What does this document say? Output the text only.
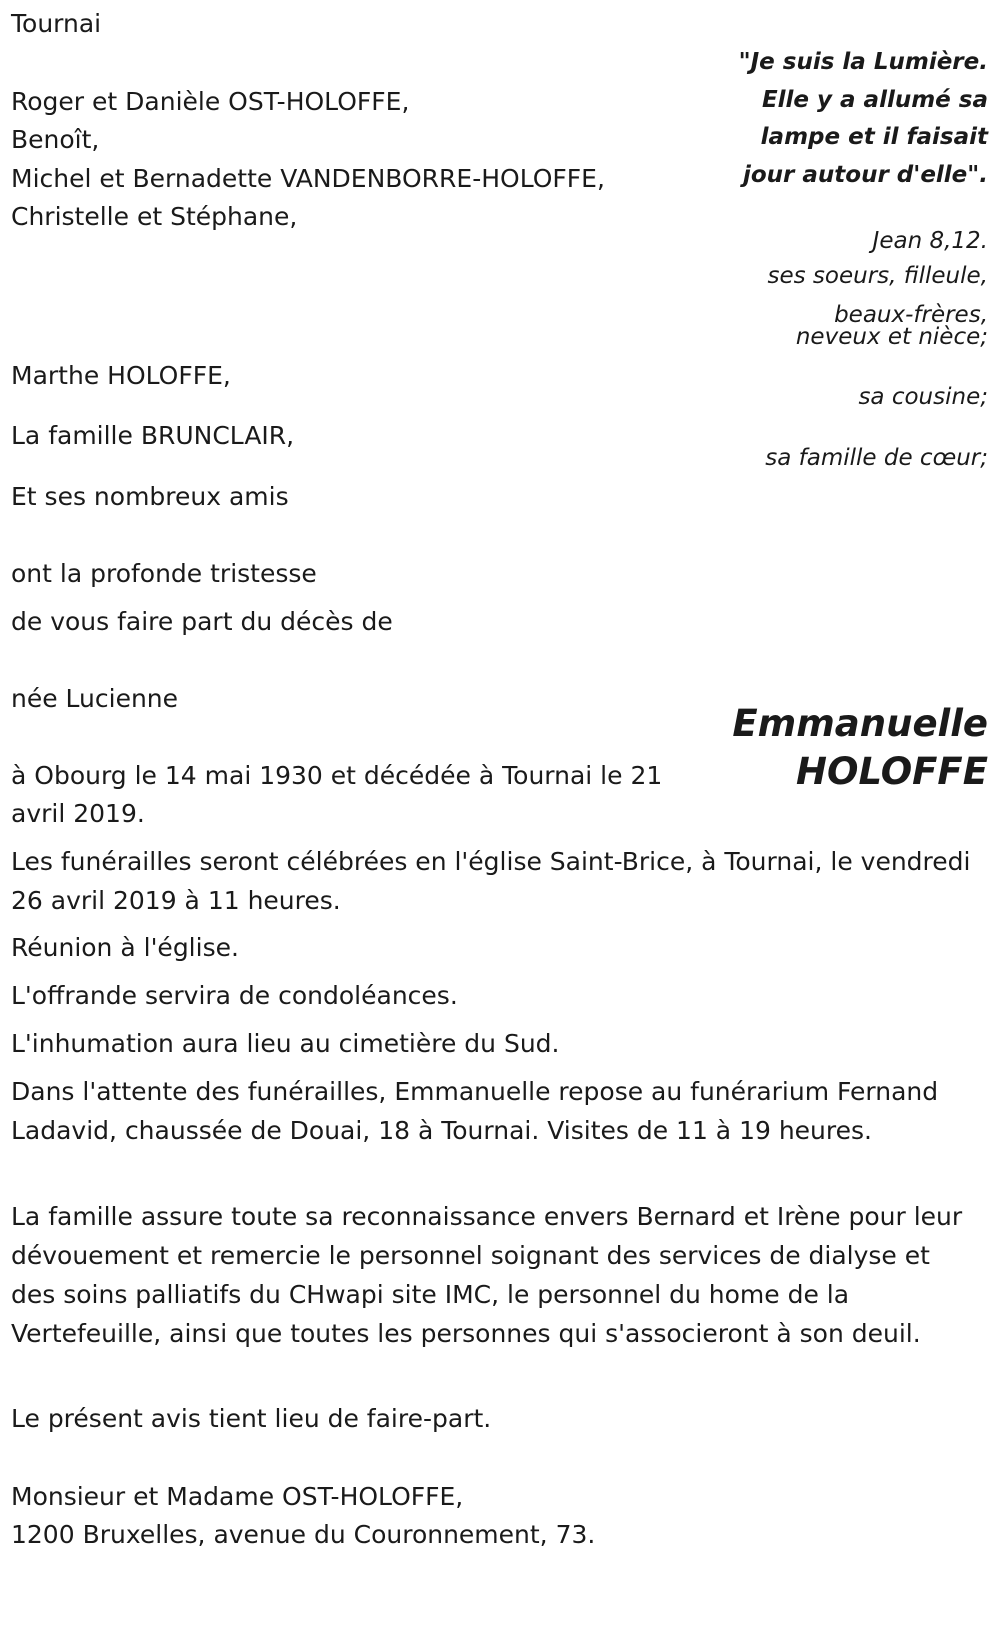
Tournai

Roger et Danièle OST-HOLOFFE,

Benoît,

Michel et Bernadette VANDENBORRE-HOLOFFE,

Christelle et Stéphane,

"Je suis la Lumière. Elle y a allumé sa lampe et il faisait jour autour d'elle".

Jean 8,12.

ses soeurs, filleule,

beaux-frères,

neveux et nièce;

sa cousine;

sa famille de cœur;

Marthe HOLOFFE,

La famille BRUNCLAIR,

Et ses nombreux amis

ont la profonde tristesse

de vous faire part du décès de

née Lucienne

Emmanuelle
HOLOFFE

à Obourg le 14 mai 1930 et décédée à Tournai le 21

avril 2019.

Les funérailles seront célébrées en l'église Saint-Brice, à Tournai, le vendredi 26 avril 2019 à 11 heures.

Réunion à l'église.

L'offrande servira de condoléances.

L'inhumation aura lieu au cimetière du Sud.

Dans l'attente des funérailles, Emmanuelle repose au funérarium Fernand Ladavid, chaussée de Douai, 18 à Tournai. Visites de 11 à 19 heures.

La famille assure toute sa reconnaissance envers Bernard et Irène pour leur dévouement et remercie le personnel soignant des services de dialyse et des soins palliatifs du CHwapi site IMC, le personnel du home de la Vertefeuille, ainsi que toutes les personnes qui s'associeront à son deuil.

Le présent avis tient lieu de faire-part.

Monsieur et Madame OST-HOLOFFE,

1200 Bruxelles, avenue du Couronnement, 73.
